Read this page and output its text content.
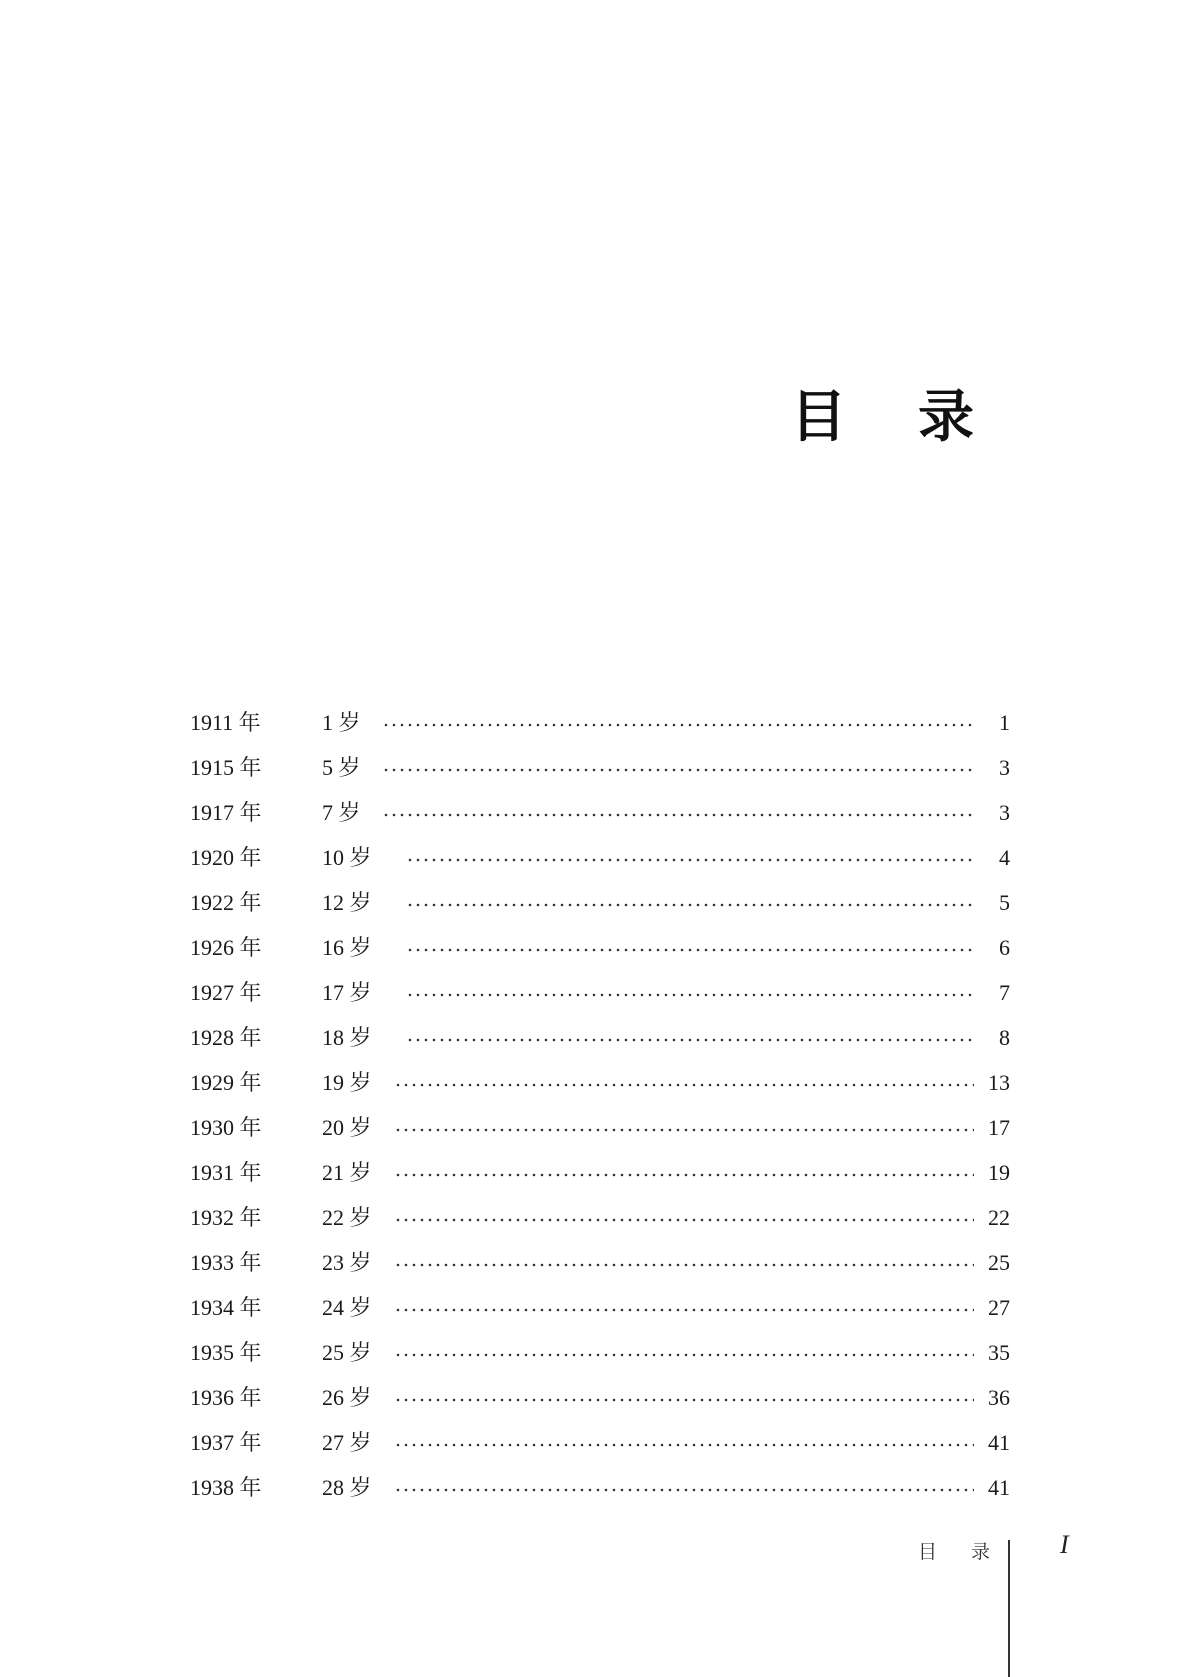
目 录
1911 年	1 岁	1
1915 年	5 岁	3
1917 年	7 岁	3
1920 年	10 岁	4
1922 年	12 岁	5
1926 年	16 岁	6
1927 年	17 岁	7
1928 年	18 岁	8
1929 年	19 岁	13
1930 年	20 岁	17
1931 年	21 岁	19
1932 年	22 岁	22
1933 年	23 岁	25
1934 年	24 岁	27
1935 年	25 岁	35
1936 年	26 岁	36
1937 年	27 岁	41
1938 年	28 岁	41
目 录 I
